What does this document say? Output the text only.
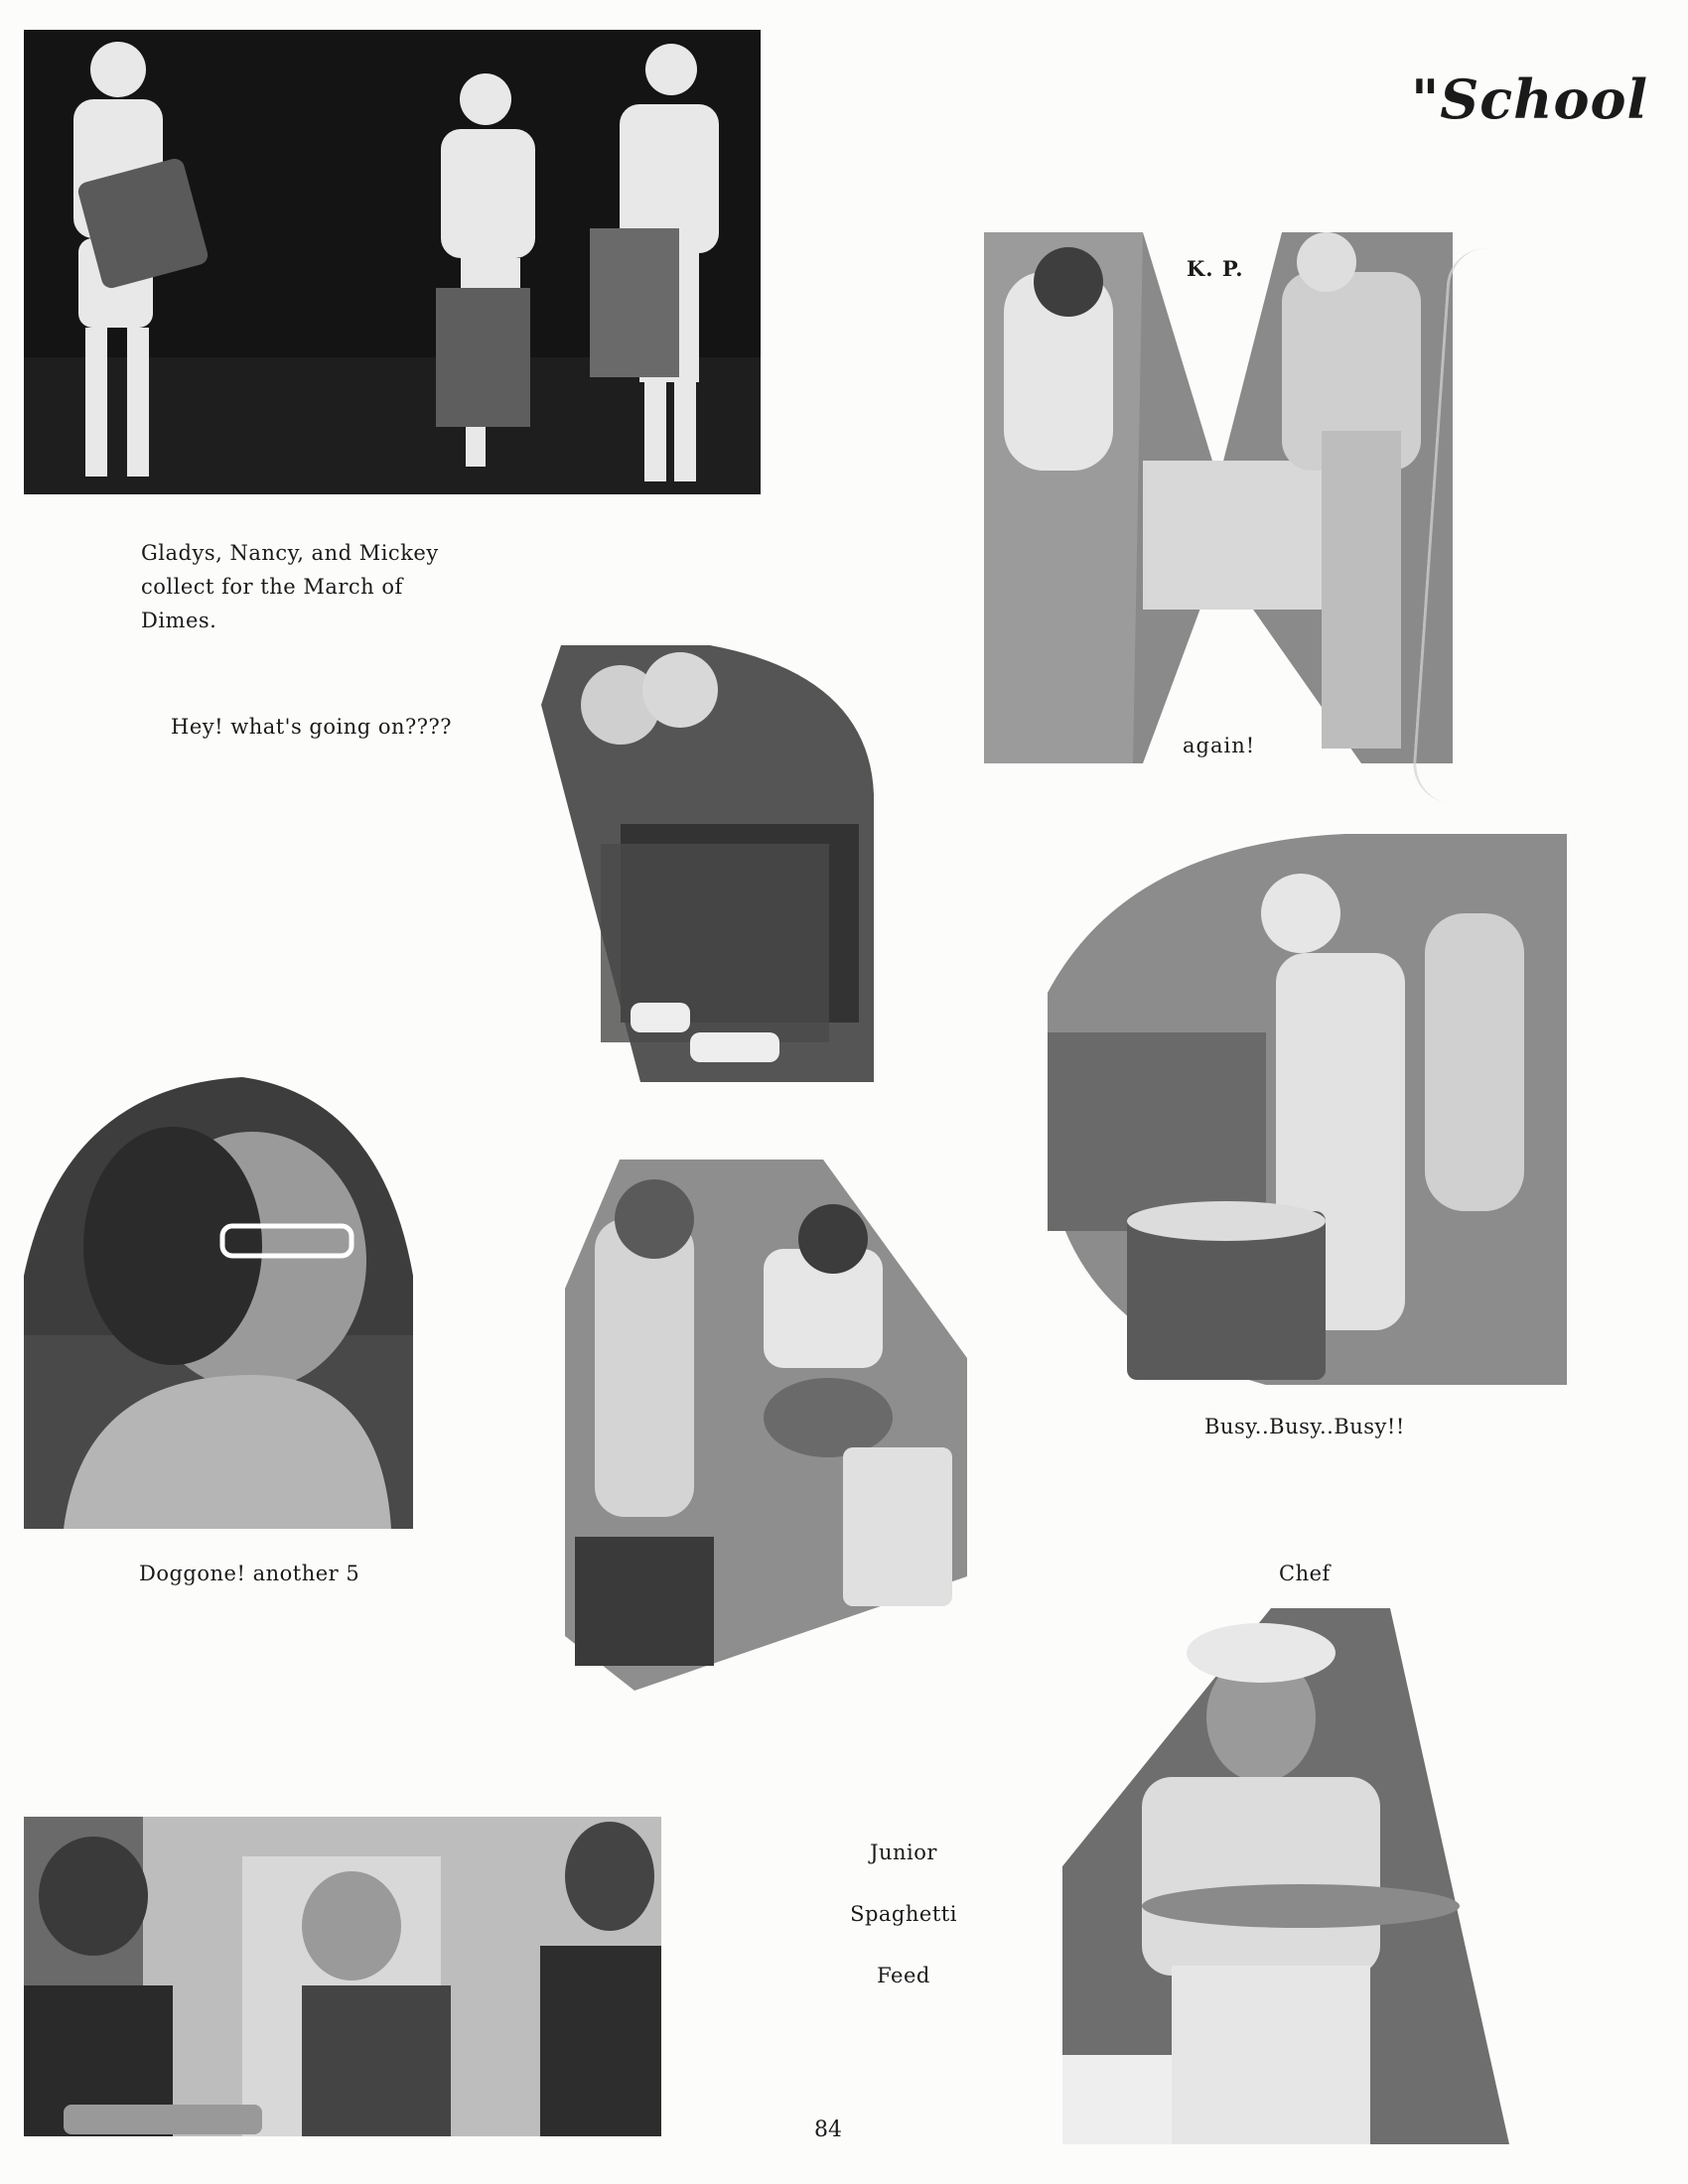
"School
Gladys, Nancy, and Mickey
collect for the March of
Dimes.
Hey! what's going on????
K. P.
again!
Busy..Busy..Busy!!
Doggone! another 5	Chef
Junior
Spaghetti
Feed
84
